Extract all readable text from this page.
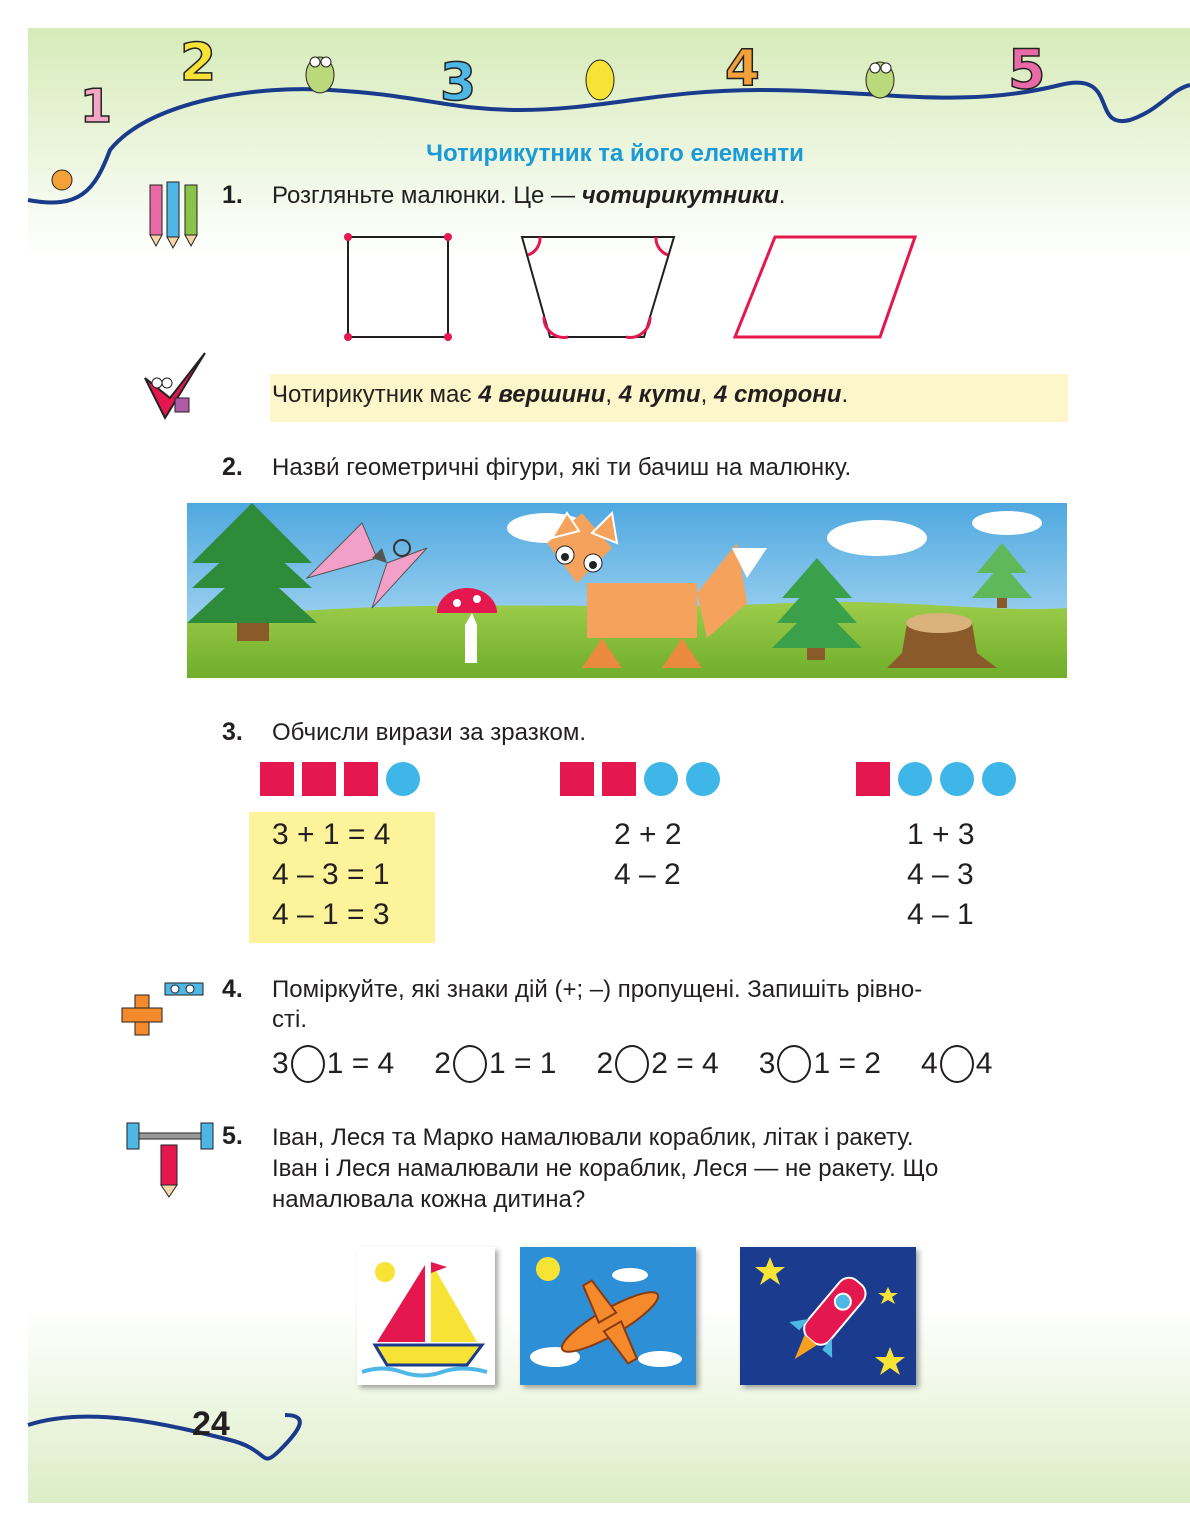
1
2	3	4	5
Чотирикутник та його елементи
1. Розгляньте малюнки. Це — чотирикутники.
Чотирикутник має 4 вершини, 4 кути, 4 сторони.
2. Назви́ геометричні фігури, які ти бачиш на малюнку.
3. Обчисли вирази за зразком.
3 + 1 = 4
4 – 3 = 1
4 – 1 = 3
2 + 2
4 – 2
1 + 3
4 – 3
4 – 1
4. Поміркуйте, які знаки дій (+; –) пропущені. Запишіть рівно-
сті.
3 1 = 4 2 1 = 1 2 2 = 4 3 1 = 2 4 4
5. Іван, Леся та Марко намалювали кораблик, літак і ракету.
Іван і Леся намалювали не кораблик, Леся — не ракету. Що
намалювала кожна дитина?
24
